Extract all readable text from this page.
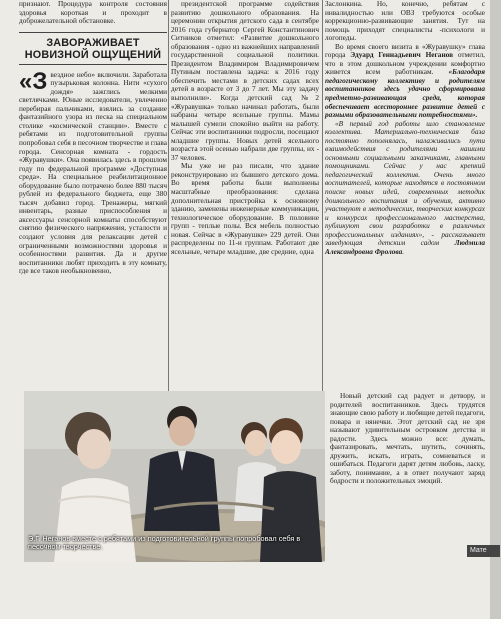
признают. Процедура контроля состояния здоровья короткая и проходит в доброжелательной обстановке.

ЗАВОРАЖИВАЕТ НОВИЗНОЙ ОЩУЩЕНИЙ

«Звездное небо» включили. Заработала пузырьковая колонна. Нити «сухого дождя» зажглись мелкими светлячками. Юные исследователи, увлеченно перебирая пальчиками, взялись за создание фантазийного узора из песка на специальном столике «космической станции». Вместе с ребятами из подготовительной группы попробовал себя в песочном творчестве и глава города. Сенсорная комната - гордость «Журавушки». Она появилась здесь в прошлом году по федеральной программе «Доступная среда». На специальное реабилитационное оборудование было потрачено более 880 тысяч рублей из федерального бюджета, еще 380 тысяч добавил город. Тренажеры, мягкий инвентарь, разные приспособления и аксессуары сенсорной комнаты способствуют снятию физического напряжения, усталости и создают условия для релаксации детей с ограниченными возможностями здоровья и особенностями развития. Да и другие воспитанники любят приходить в эту комнату, где все таков необыкновенно,

президентской программе содействия развитию дошкольного образования. На церемонии открытия детского сада в сентябре 2016 года губернатор Сергей Константинович Ситников отметил: «Развитие дошкольного образования - одно из важнейших направлений государственной социальной политики. Президентом Владимиром Владимировичем Путиным поставлена задача: к 2016 году обеспечить местами в детских садах всех детей в возрасте от 3 до 7 лет. Мы эту задачу выполнили». Когда детский сад №2 «Журавушка» только начинал работать, были набраны четыре ясельные группы. Мамы малышей сумели спокойно выйти на работу. Сейчас эти воспитанники подросли, посещают младшие группы. Новых детей ясельного возраста этой осенью набрали две группы, их - 37 человек.

Мы уже не раз писали, что здание реконструировано из бывшего детского дома. Во время работы были выполнены масштабные преобразования: сделана дополнительная пристройка к основному зданию, заменены инженерные коммуникации, технологическое оборудование. В половине групп - теплые полы. Вся мебель полностью новая. Сейчас в «Журавушке» 229 детей. Они распределены по 11-и группам. Работают две ясельные, четыре младшие, две средние, одна

Заслонкина. Но, конечно, ребятам с инвалидностью или ОВЗ требуются особые коррекционно-развивающие занятия. Тут на помощь приходят специалисты -психологи и логопеды.

Во время своего визита в «Журавушку» глава города Эдуард Геннадьевич Неганов отметил, что в этом дошкольном учреждении комфортно живется всем работникам. «Благодаря педагогическому коллективу и родителям воспитанников здесь удачно сформирована предметно-развивающая среда, которая обеспечивает всестороннее развитие детей с разными образовательными потребностями».

«В первый год работы шло становление коллектива. Материально-техническая база постоянно пополнялась, налаживались пути взаимодействия с родителями - нашими основными социальными заказчиками, главными помощниками. Сейчас у нас крепкий педагогический коллектив. Очень много воспитателей, которые находятся в постоянном поиске новых идей, современных методик дошкольного воспитания и обучения, активно участвуют в методических, творческих конкурсах и конкурсах профессионального мастерства, публикуют свои разработки в различных профессиональных изданиях», - рассказывает заведующая детским садом Людмила Александровна Фролова.

Э.Г. Неганов вместе с ребятами из подготовительной группы попробовал себя в песочном творчестве.

Новый детский сад радует и детвору, и родителей воспитанников. Здесь трудятся знающие свою работу и любящие детей педагоги, повара и нянечки. Этот детский сад не зря называют удивительным островком детства и радости. Здесь можно все: думать, фантазировать, мечтать, шутить, сочинять, дружить, искать, играть, сомневаться и ошибаться. Педагоги дарят детям любовь, ласку, заботу, понимание, а в ответ получают заряд бодрости и положительных эмоций.

Мате
